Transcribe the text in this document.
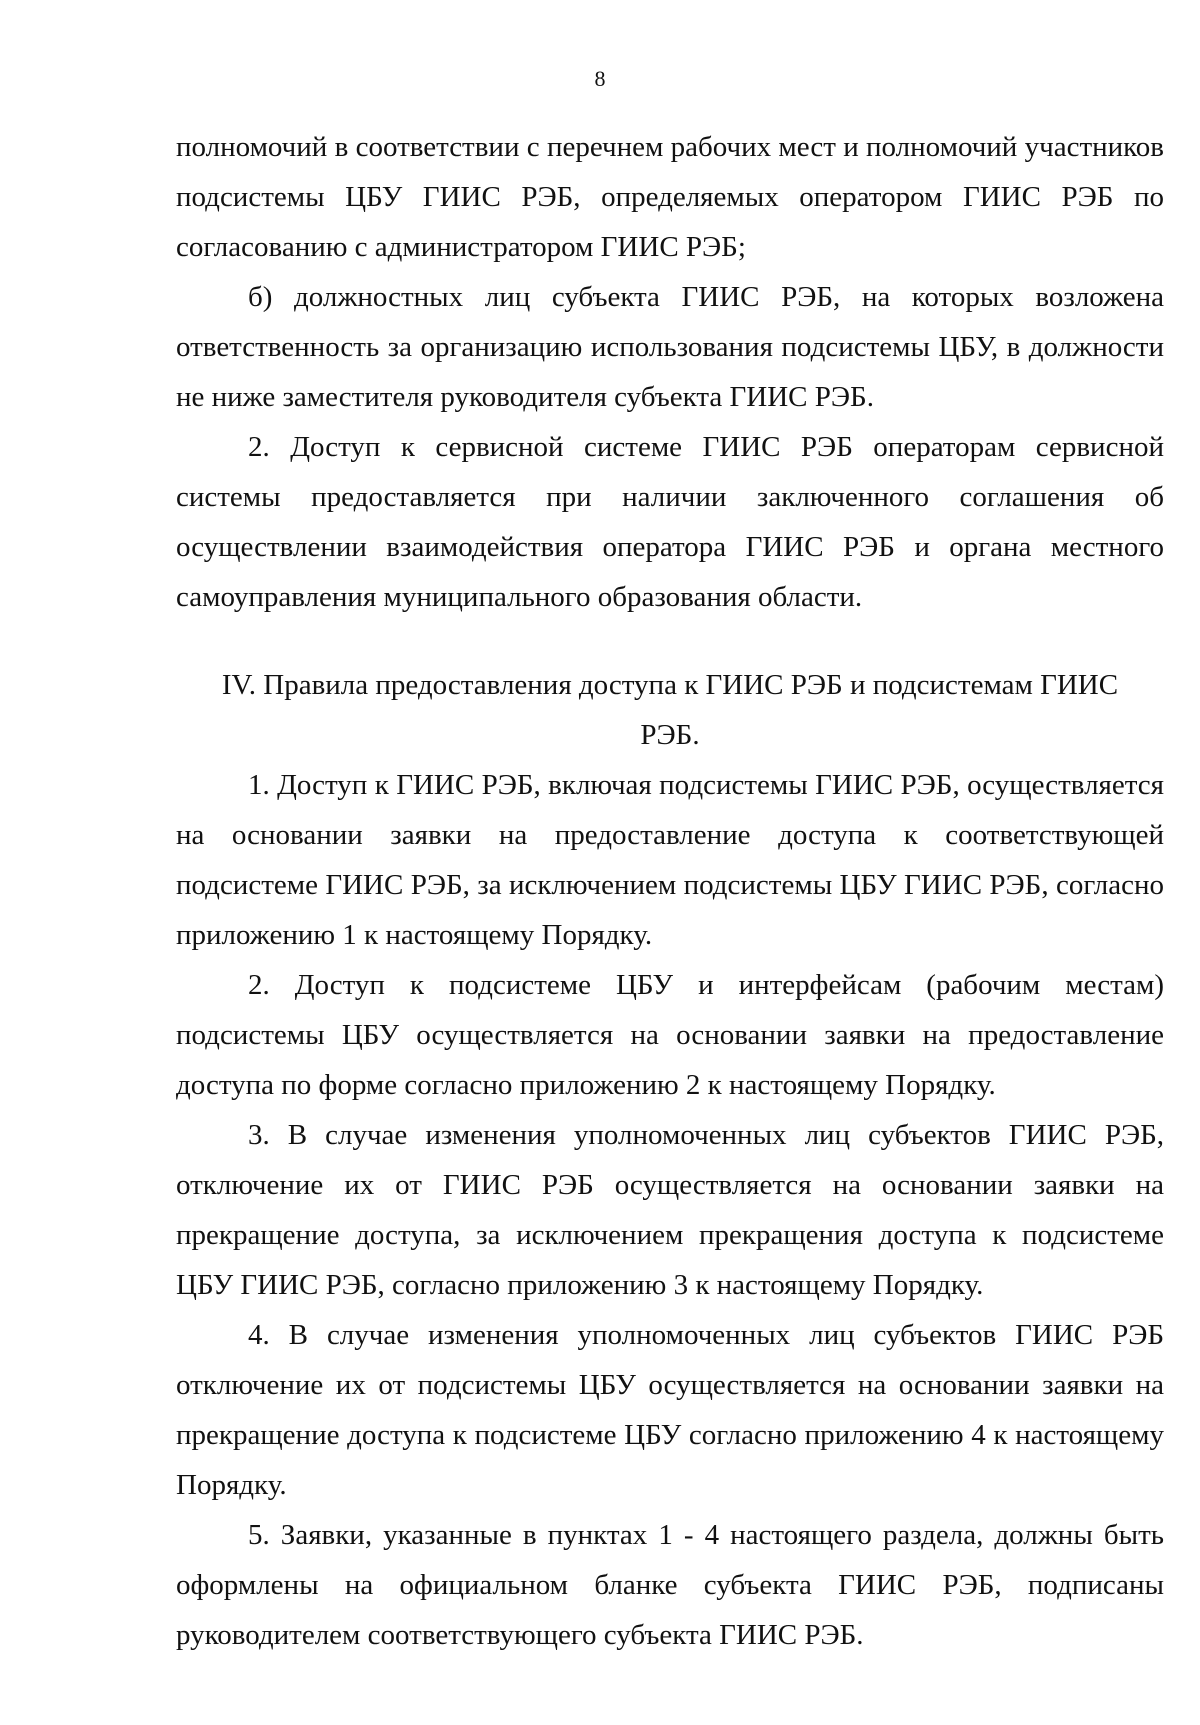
8

полномочий в соответствии с перечнем рабочих мест и полномочий участников подсистемы ЦБУ ГИИС РЭБ, определяемых оператором ГИИС РЭБ по согласованию с администратором ГИИС РЭБ;

б) должностных лиц субъекта ГИИС РЭБ, на которых возложена ответственность за организацию использования подсистемы ЦБУ, в должности не ниже заместителя руководителя субъекта ГИИС РЭБ.

2. Доступ к сервисной системе ГИИС РЭБ операторам сервисной системы предоставляется при наличии заключенного соглашения об осуществлении взаимодействия оператора ГИИС РЭБ и органа местного самоуправления муниципального образования области.

IV. Правила предоставления доступа к ГИИС РЭБ и подсистемам ГИИС
РЭБ.

1. Доступ к ГИИС РЭБ, включая подсистемы ГИИС РЭБ, осуществляется на основании заявки на предоставление доступа к соответствующей подсистеме ГИИС РЭБ, за исключением подсистемы ЦБУ ГИИС РЭБ, согласно приложению 1 к настоящему Порядку.

2. Доступ к подсистеме ЦБУ и интерфейсам (рабочим местам) подсистемы ЦБУ осуществляется на основании заявки на предоставление доступа по форме согласно приложению 2 к настоящему Порядку.

3. В случае изменения уполномоченных лиц субъектов ГИИС РЭБ, отключение их от ГИИС РЭБ осуществляется на основании заявки на прекращение доступа, за исключением прекращения доступа к подсистеме ЦБУ ГИИС РЭБ, согласно приложению 3 к настоящему Порядку.

4. В случае изменения уполномоченных лиц субъектов ГИИС РЭБ отключение их от подсистемы ЦБУ осуществляется на основании заявки на прекращение доступа к подсистеме ЦБУ согласно приложению 4 к настоящему Порядку.

5. Заявки, указанные в пунктах 1 - 4 настоящего раздела, должны быть оформлены на официальном бланке субъекта ГИИС РЭБ, подписаны руководителем соответствующего субъекта ГИИС РЭБ.
